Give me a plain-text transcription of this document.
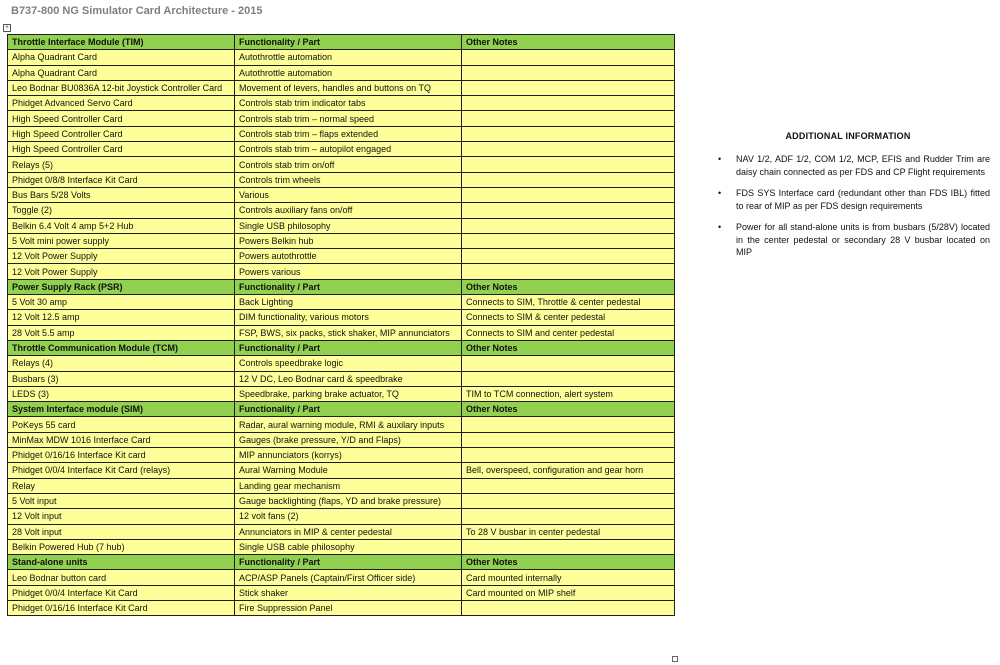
B737-800 NG Simulator Card Architecture - 2015
+
Throttle Interface Module (TIM)	Functionality / Part	Other Notes
Alpha Quadrant Card	Autothrottle automation	
Alpha Quadrant Card	Autothrottle automation	
Leo Bodnar BU0836A 12-bit Joystick Controller Card	Movement of levers, handles and buttons on TQ	
Phidget Advanced Servo Card	Controls stab trim indicator tabs	
High Speed Controller Card	Controls stab trim – normal speed	
High Speed Controller Card	Controls stab trim – flaps extended	
High Speed Controller Card	Controls stab trim – autopilot engaged	
Relays (5)	Controls stab trim on/off	
Phidget 0/8/8 Interface Kit Card	Controls trim wheels	
Bus Bars 5/28 Volts	Various	
Toggle (2)	Controls auxiliary fans on/off	
Belkin 6.4 Volt 4 amp 5+2 Hub	Single USB philosophy	
5 Volt mini power supply	Powers Belkin hub	
12 Volt Power Supply	Powers autothrottle	
12 Volt Power Supply	Powers various	
Power Supply Rack (PSR)	Functionality / Part	Other Notes
5 Volt 30 amp	Back Lighting	Connects to SIM, Throttle & center pedestal
12 Volt 12.5 amp	DIM functionality, various motors	Connects to SIM & center pedestal
28 Volt 5.5 amp	FSP, BWS, six packs, stick shaker, MIP annunciators	Connects to SIM and center pedestal
Throttle Communication Module (TCM)	Functionality / Part	Other Notes
Relays (4)	Controls speedbrake logic	
Busbars (3)	12 V DC, Leo Bodnar card & speedbrake	
LEDS (3)	Speedbrake, parking brake actuator, TQ	TIM to TCM connection, alert system
System Interface module (SIM)	Functionality / Part	Other Notes
PoKeys 55 card	Radar, aural warning module, RMI & auxilary inputs	
MinMax MDW 1016 Interface Card	Gauges (brake pressure, Y/D and Flaps)	
Phidget 0/16/16 Interface Kit card	MIP annunciators (korrys)	
Phidget 0/0/4 Interface Kit Card (relays)	Aural Warning Module	Bell, overspeed, configuration and gear horn
Relay	Landing gear mechanism	
5 Volt input	Gauge backlighting (flaps, YD and brake pressure)	
12 Volt input	12 volt fans (2)	
28 Volt input	Annunciators in MIP & center pedestal	To 28 V busbar in center pedestal
Belkin Powered Hub (7 hub)	Single USB cable philosophy	
Stand-alone units	Functionality / Part	Other Notes
Leo Bodnar button card	ACP/ASP Panels (Captain/First Officer side)	Card mounted internally
Phidget 0/0/4 Interface Kit Card	Stick shaker	Card mounted on MIP shelf
Phidget 0/16/16 Interface Kit Card	Fire Suppression Panel	
ADDITIONAL INFORMATION
• NAV 1/2, ADF 1/2, COM 1/2, MCP, EFIS and Rudder Trim are daisy chain connected as per FDS and CP Flight requirements
• FDS SYS Interface card (redundant other than FDS IBL) fitted to rear of MIP as per FDS design requirements
• Power for all stand-alone units is from busbars (5/28V) located in the center pedestal or secondary 28 V busbar located on MIP
